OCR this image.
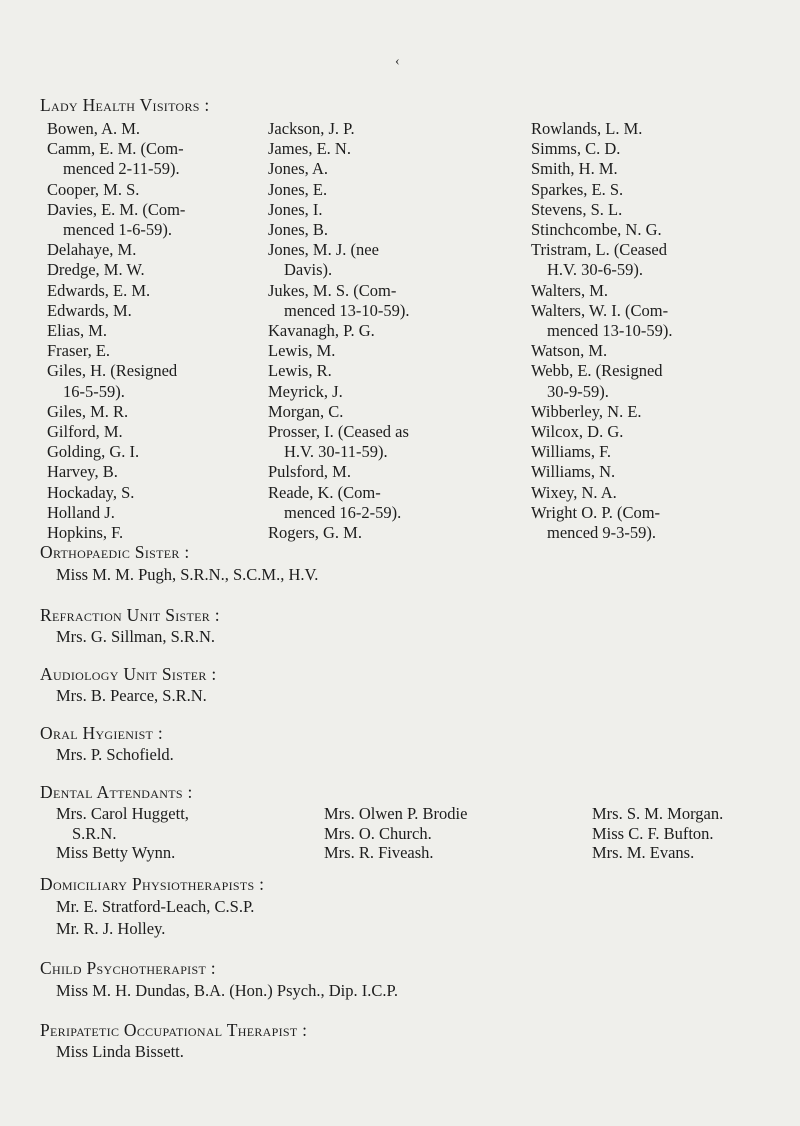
‹
Lady Health Visitors :
Bowen, A. M.
Camm, E. M. (Com-
menced 2-11-59).
Cooper, M. S.
Davies, E. M. (Com-
menced 1-6-59).
Delahaye, M.
Dredge, M. W.
Edwards, E. M.
Edwards, M.
Elias, M.
Fraser, E.
Giles, H. (Resigned
16-5-59).
Giles, M. R.
Gilford, M.
Golding, G. I.
Harvey, B.
Hockaday, S.
Holland J.
Hopkins, F.
Jackson, J. P.
James, E. N.
Jones, A.
Jones, E.
Jones, I.
Jones, B.
Jones, M. J. (nee
Davis).
Jukes, M. S. (Com-
menced 13-10-59).
Kavanagh, P. G.
Lewis, M.
Lewis, R.
Meyrick, J.
Morgan, C.
Prosser, I. (Ceased as
H.V. 30-11-59).
Pulsford, M.
Reade, K. (Com-
menced 16-2-59).
Rogers, G. M.
Rowlands, L. M.
Simms, C. D.
Smith, H. M.
Sparkes, E. S.
Stevens, S. L.
Stinchcombe, N. G.
Tristram, L. (Ceased
H.V. 30-6-59).
Walters, M.
Walters, W. I. (Com-
menced 13-10-59).
Watson, M.
Webb, E. (Resigned
30-9-59).
Wibberley, N. E.
Wilcox, D. G.
Williams, F.
Williams, N.
Wixey, N. A.
Wright O. P. (Com-
menced 9-3-59).
Orthopaedic Sister :
Miss M. M. Pugh, S.R.N., S.C.M., H.V.
Refraction Unit Sister :
Mrs. G. Sillman, S.R.N.
Audiology Unit Sister :
Mrs. B. Pearce, S.R.N.
Oral Hygienist :
Mrs. P. Schofield.
Dental Attendants :
Mrs. Carol Huggett,
S.R.N.
Miss Betty Wynn.
Mrs. Olwen P. Brodie
Mrs. O. Church.
Mrs. R. Fiveash.
Mrs. S. M. Morgan.
Miss C. F. Bufton.
Mrs. M. Evans.
Domiciliary Physiotherapists :
Mr. E. Stratford-Leach, C.S.P.
Mr. R. J. Holley.
Child Psychotherapist :
Miss M. H. Dundas, B.A. (Hon.) Psych., Dip. I.C.P.
Peripatetic Occupational Therapist :
Miss Linda Bissett.
